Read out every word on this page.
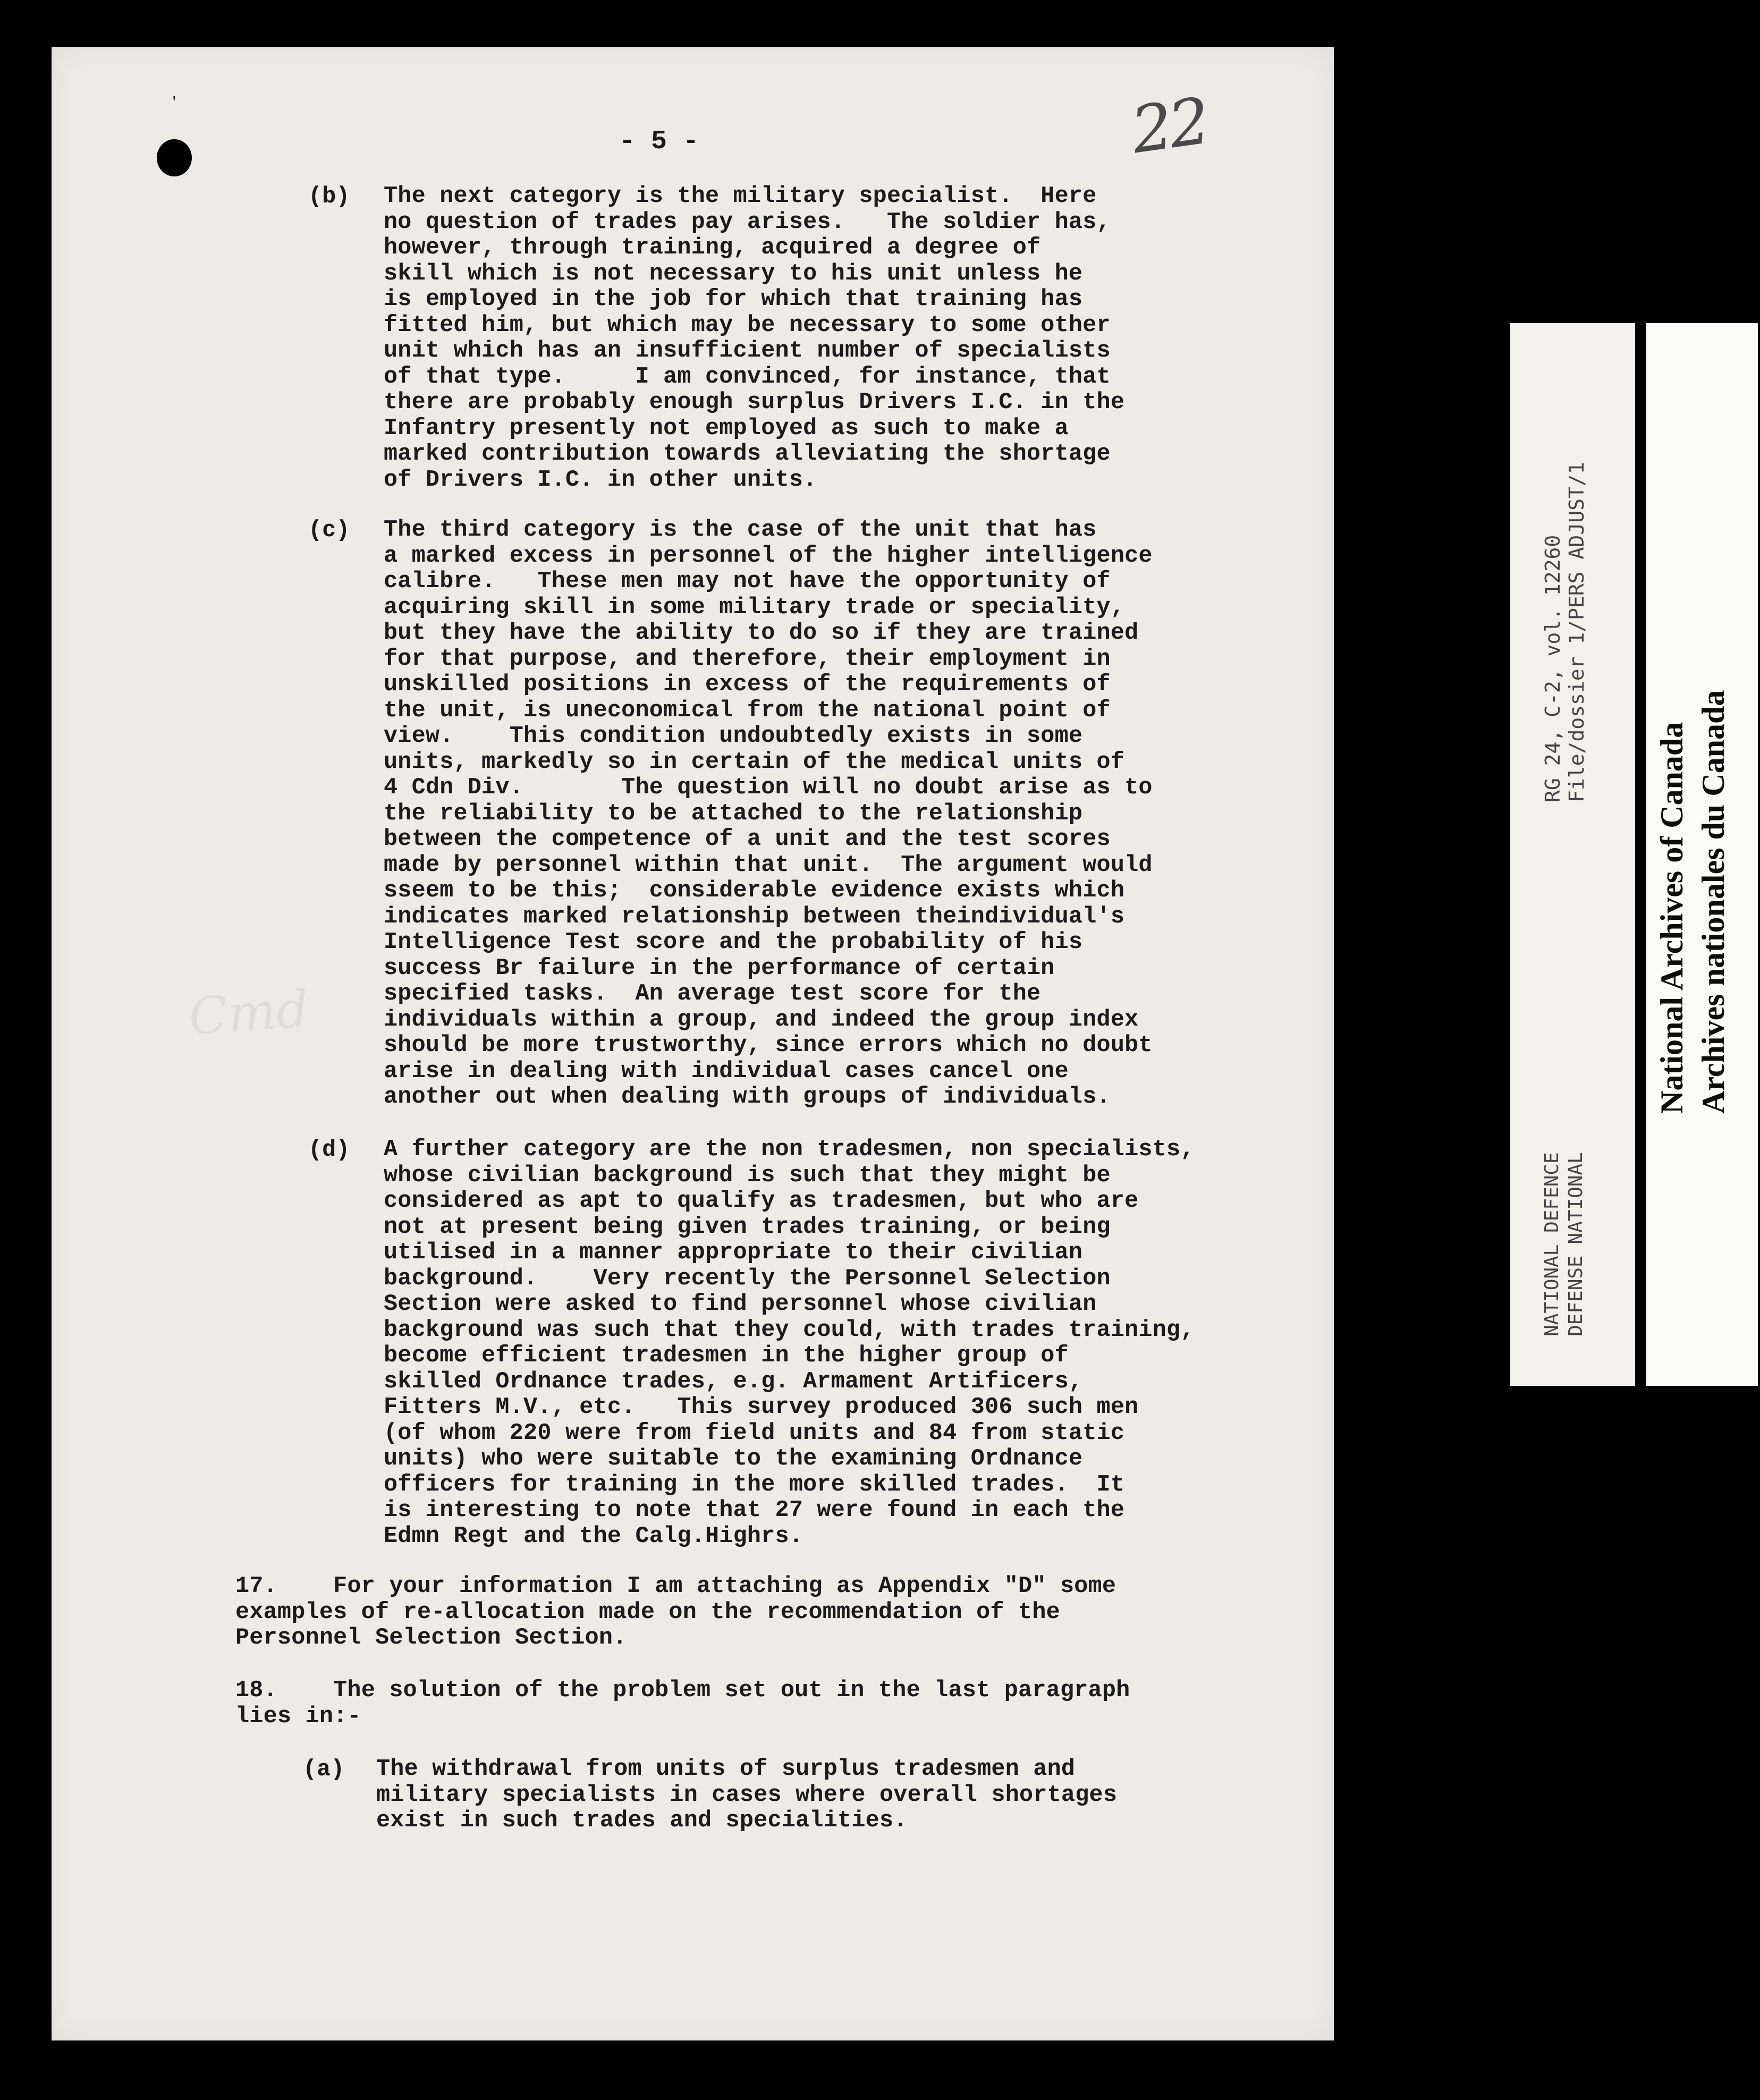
'	22
- 5 -
Cmd
(b) The next category is the military specialist.  Here
no question of trades pay arises.   The soldier has,
however, through training, acquired a degree of
skill which is not necessary to his unit unless he
is employed in the job for which that training has
fitted him, but which may be necessary to some other
unit which has an insufficient number of specialists
of that type.     I am convinced, for instance, that
there are probably enough surplus Drivers I.C. in the
Infantry presently not employed as such to make a
marked contribution towards alleviating the shortage
of Drivers I.C. in other units.
(c) The third category is the case of the unit that has
a marked excess in personnel of the higher intelligence
calibre.   These men may not have the opportunity of
acquiring skill in some military trade or speciality,
but they have the ability to do so if they are trained
for that purpose, and therefore, their employment in
unskilled positions in excess of the requirements of
the unit, is uneconomical from the national point of
view.    This condition undoubtedly exists in some
units, markedly so in certain of the medical units of
4 Cdn Div.       The question will no doubt arise as to
the reliability to be attached to the relationship
between the competence of a unit and the test scores
made by personnel within that unit.  The argument would
sseem to be this;  considerable evidence exists which
indicates marked relationship between theindividual's
Intelligence Test score and the probability of his
success Br failure in the performance of certain
specified tasks.  An average test score for the
individuals within a group, and indeed the group index
should be more trustworthy, since errors which no doubt
arise in dealing with individual cases cancel one
another out when dealing with groups of individuals.
(d) A further category are the non tradesmen, non specialists,
whose civilian background is such that they might be
considered as apt to qualify as tradesmen, but who are
not at present being given trades training, or being
utilised in a manner appropriate to their civilian
background.    Very recently the Personnel Selection
Section were asked to find personnel whose civilian
background was such that they could, with trades training,
become efficient tradesmen in the higher group of
skilled Ordnance trades, e.g. Armament Artificers,
Fitters M.V., etc.   This survey produced 306 such men
(of whom 220 were from field units and 84 from static
units) who were suitable to the examining Ordnance
officers for training in the more skilled trades.  It
is interesting to note that 27 were found in each the
Edmn Regt and the Calg.Highrs.
17.    For your information I am attaching as Appendix "D" some
examples of re-allocation made on the recommendation of the
Personnel Selection Section.
18.    The solution of the problem set out in the last paragraph
lies in:-
(a) The withdrawal from units of surplus tradesmen and
military specialists in cases where overall shortages
exist in such trades and specialities.
RG 24, C-2, vol. 12260 File/dossier 1/PERS ADJUST/1
NATIONAL DEFENCE DEFENSE NATIONAL
National Archives of Canada Archives nationales du Canada
